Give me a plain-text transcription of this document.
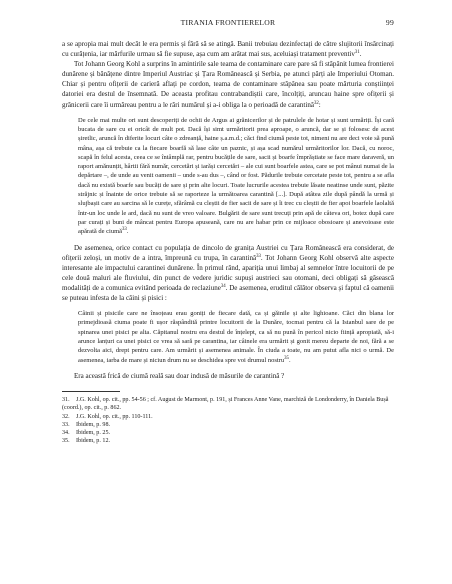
TIRANIA FRONTIERELOR	99

a se apropia mai mult decât le era permis și fără să se atingă. Banii trebuiau dezinfectați de către slujitorii însărcinați cu curățenia, iar mărfurile urmau să fie supuse, așa cum am arătat mai sus, aceluiași tratament preventiv$^{31}$.

Tot Johann Georg Kohl a surprins în amintirile sale teama de contaminare care pare să fi stăpânit lumea frontierei dunărene și bănățene dintre Imperiul Austriac și Țara Românească și Serbia, pe atunci părți ale Imperiului Otoman. Chiar și pentru ofițerii de carieră aflați pe cordon, teama de contaminare stăpânea sau poate mărturia conștiinței datoriei era destul de însemnată. De aceasta profitau contrabandiștii care, încolțiți, aruncau haine spre ofițerii și grănicerii care îi urmăreau pentru a le rări numărul și a-i obliga la o perioadă de carantină$^{32}$:

De cele mai multe ori sunt descoperiți de ochii de Argus ai grănicerilor și de patrulele de hotar și sunt urmăriți. Își cară bucata de sare cu ei oricât de mult pot. Dacă își simt urmăritorii prea aproape, o aruncă, dar se și folosesc de acest șiretlic, aruncă în diferite locuri câte o zdreanță, haine ș.a.m.d.; căci find ciumă peste tot, nimeni nu are deci voie să pună mâna, așa că trebuie ca la fiecare boarfă să lase câte un paznic, și așa scad numărul urmăritorilor lor. Dacă, cu noroc, scapă în felul acesta, ceea ce se întâmplă rar, pentru bucățile de sare, sacii și boarfe împrăștiate se face mare daraveră, un raport amănunțit, hârtii fără număr, cercetări și iarăși cercetări – ale cui sunt boarfele astea, care se pot mânui numai de la depărtare –, de unde au venit oamenii – unde s-au dus –, când or fost. Pădurile trebuie cercetate peste tot, pentru a se afla dacă nu există boarfe sau bucăți de sare și prin alte locuri. Toate lucrurile acestea trebuie lăsate neatinse unde sunt, păzite străjnic și înainte de orice trebuie să se raporteze la următoarea carantină [...]. După atâtea zile după pândă la urmă și slujbașii care au sarcina să le curețe, sfărâmă cu cleștii de fier sacii de sare și îi trec cu cleștii de fier apoi boarfele laolaltă într-un loc unde le ard, dacă nu sunt de vreo valoare. Bulgării de sare sunt trecuți prin apă de câteva ori, botez după care par curați și buni de mâncat pentru Europa apuseană, care nu are habar prin ce mijloace obosioare și anevoioase este apărată de ciumă$^{33}$.

De asemenea, orice contact cu populația de dincolo de granița Austriei cu Țara Românească era considerat, de ofițerii zeloși, un motiv de a intra, împreună cu trupa, în carantină$^{33}$. Tot Johann Georg Kohl observă alte aspecte interesante ale impactului carantinei dunărene. În primul rând, apariția unui limbaj al semnelor între locuitorii de pe cele două maluri ale fluviului, din punct de vedere juridic supuși austrieci sau otomani, deci obligați să găsească modalități de a comunica evitând perioada de reclaziune$^{34}$. De asemenea, eruditul călător observa și faptul că oamenii se puteau infesta de la câini și pisici :

Câinii și pisicile care ne însoțeau erau goniți de fiecare dată, ca și găinile și alte lighioane. Căci din blana lor primejdioasă ciuma poate fi ușor răspândită printre locuitorii de la Dunăre, tocmai pentru că la Istanbul sare de pe spinarea unei pisici pe alta. Căpitanul nostru era destul de înțelept, ca să nu pună în pericol nicio ființă apropiată, să-i arunce lanțuri ca unei pisici ce vrea să sară pe carantina, iar câinele era urmărit și gonit mereu departe de noi, fără a se dezvolta aici, drept pentru care. Am urmărit și asemenea animale. În ciuda a toate, nu am putut afla nici o urmă. De asemenea, iarba de mare și niciun drum nu se deschidea spre voi drumul nostru$^{35}$.

Era această frică de ciumă reală sau doar indusă de măsurile de carantină ?

31. J.G. Kohl, op. cit., pp. 54-56 ; cf. August de Marmont, p. 191, și Frances Anne Vane, marchiză de Londonderry, în Daniela Bușă (coord.), op. cit., p. 862.

32. J.G. Kohl, op. cit., pp. 110-111.

33. Ibidem, p. 98.

34. Ibidem, p. 25.

35. Ibidem, p. 12.
